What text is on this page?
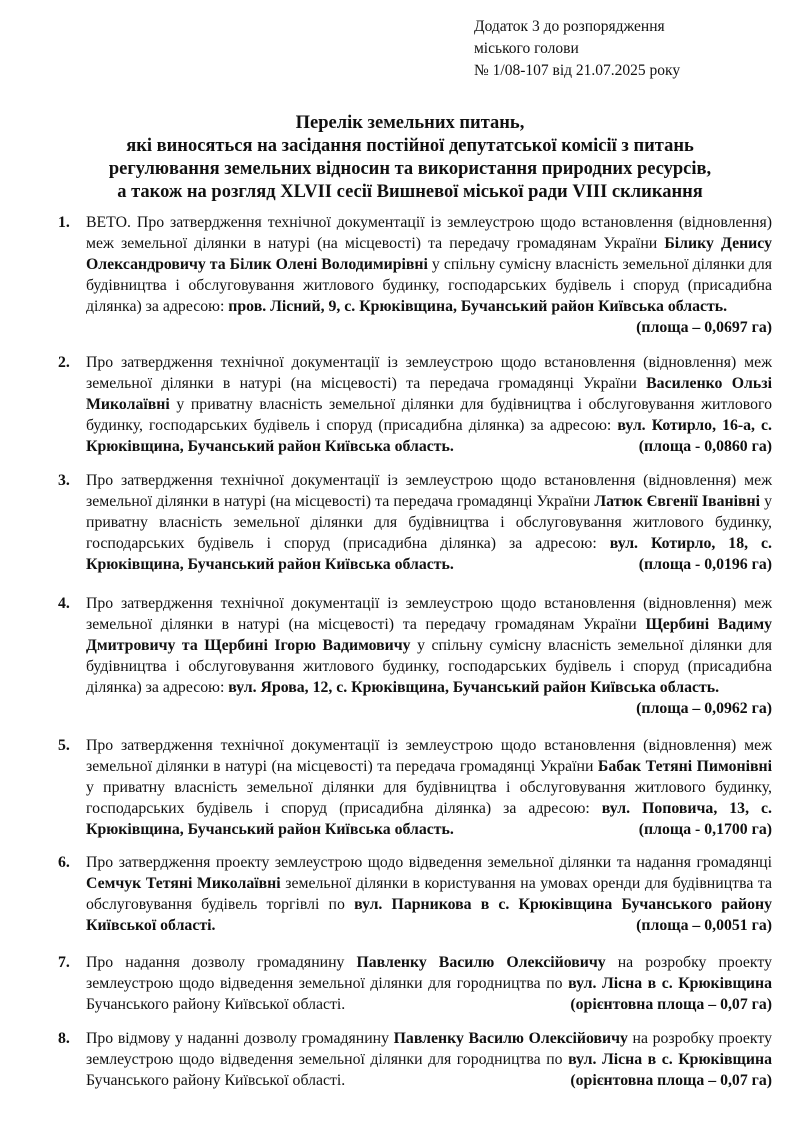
Додаток 3 до розпорядження
міського голови
№ 1/08-107 від 21.07.2025 року
Перелік земельних питань,
які виносяться на засідання постійної депутатської комісії з питань
регулювання земельних відносин та використання природних ресурсів,
а також на розгляд XLVII сесії Вишневої міської ради VIII скликання
1. ВЕТО. Про затвердження технічної документації із землеустрою щодо встановлення (відновлення) меж земельної ділянки в натурі (на місцевості) та передачу громадянам України Білику Денису Олександровичу та Білик Олені Володимирівні у спільну сумісну власність земельної ділянки для будівництва і обслуговування житлового будинку, господарських будівель і споруд (присадибна ділянка) за адресою: пров. Лісний, 9, с. Крюківщина, Бучанський район Київська область.
(площа – 0,0697 га)
2. Про затвердження технічної документації із землеустрою щодо встановлення (відновлення) меж земельної ділянки в натурі (на місцевості) та передача громадянці України Василенко Ользі Миколаївні у приватну власність земельної ділянки для будівництва і обслуговування житлового будинку, господарських будівель і споруд (присадибна ділянка) за адресою: вул. Котирло, 16-а, с. Крюківщина, Бучанський район Київська область.	(площа - 0,0860 га)
3. Про затвердження технічної документації із землеустрою щодо встановлення (відновлення) меж земельної ділянки в натурі (на місцевості) та передача громадянці України Латюк Євгенії Іванівні у приватну власність земельної ділянки для будівництва і обслуговування житлового будинку, господарських будівель і споруд (присадибна ділянка) за адресою: вул. Котирло, 18, с. Крюківщина, Бучанський район Київська область.	(площа - 0,0196 га)
4. Про затвердження технічної документації із землеустрою щодо встановлення (відновлення) меж земельної ділянки в натурі (на місцевості) та передачу громадянам України Щербині Вадиму Дмитровичу та Щербині Ігорю Вадимовичу у спільну сумісну власність земельної ділянки для будівництва і обслуговування житлового будинку, господарських будівель і споруд (присадибна ділянка) за адресою: вул. Ярова, 12, с. Крюківщина, Бучанський район Київська область.
(площа – 0,0962 га)
5. Про затвердження технічної документації із землеустрою щодо встановлення (відновлення) меж земельної ділянки в натурі (на місцевості) та передача громадянці України Бабак Тетяні Пимонівні у приватну власність земельної ділянки для будівництва і обслуговування житлового будинку, господарських будівель і споруд (присадибна ділянка) за адресою: вул. Поповича, 13, с. Крюківщина, Бучанський район Київська область.	(площа - 0,1700 га)
6. Про затвердження проекту землеустрою щодо відведення земельної ділянки та надання громадянці Семчук Тетяні Миколаївні земельної ділянки в користування на умовах оренди для будівництва та обслуговування будівель торгівлі по вул. Парникова в с. Крюківщина Бучанського району Київської області.	(площа – 0,0051 га)
7. Про надання дозволу громадянину Павленку Василю Олексійовичу на розробку проекту землеустрою щодо відведення земельної ділянки для городництва по вул. Лісна в с. Крюківщина Бучанського району Київської області.	(орієнтовна площа – 0,07 га)
8. Про відмову у наданні дозволу громадянину Павленку Василю Олексійовичу на розробку проекту землеустрою щодо відведення земельної ділянки для городництва по вул. Лісна в с. Крюківщина Бучанського району Київської області.	(орієнтовна площа – 0,07 га)
